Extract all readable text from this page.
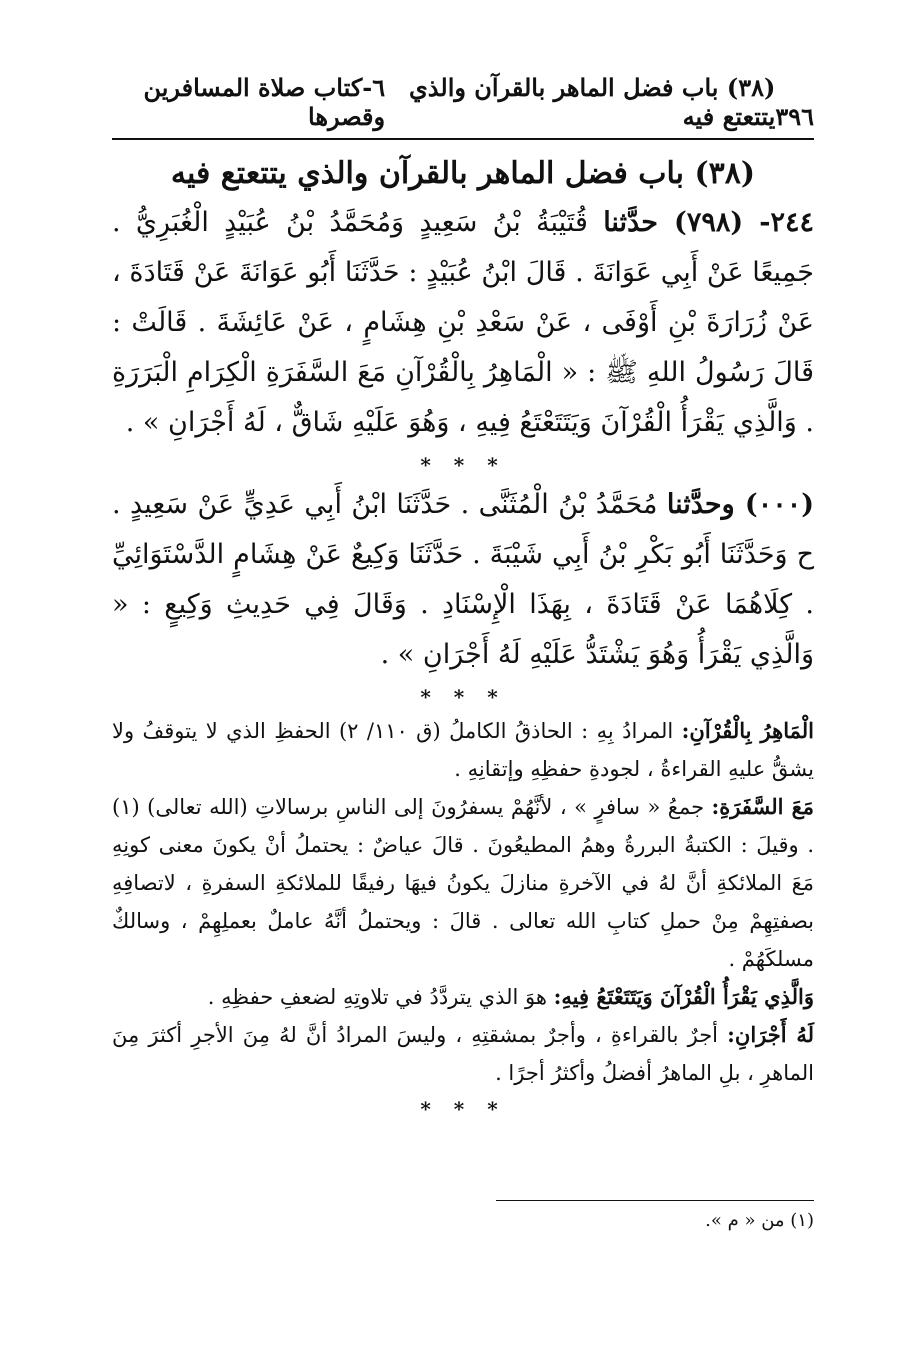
٣٩٦
(٣٨) باب فضل الماهر بالقرآن والذي يتتعتع فيه
٦-كتاب صلاة المسافرين وقصرها
(٣٨) باب فضل الماهر بالقرآن والذي يتتعتع فيه

٢٤٤- (٧٩٨) حدَّثنا قُتَيْبَةُ بْنُ سَعِيدٍ وَمُحَمَّدُ بْنُ عُبَيْدٍ الْغُبَرِيُّ . جَمِيعًا عَنْ أَبِي عَوَانَةَ . قَالَ ابْنُ عُبَيْدٍ : حَدَّثَنَا أَبُو عَوَانَةَ عَنْ قَتَادَةَ ، عَنْ زُرَارَةَ بْنِ أَوْفَى ، عَنْ سَعْدِ بْنِ هِشَامٍ ، عَنْ عَائِشَةَ . قَالَتْ : قَالَ رَسُولُ اللهِ ﷺ : « الْمَاهِرُ بِالْقُرْآنِ مَعَ السَّفَرَةِ الْكِرَامِ الْبَرَرَةِ . وَالَّذِي يَقْرَأُ الْقُرْآنَ وَيَتَتَعْتَعُ فِيهِ ، وَهُوَ عَلَيْهِ شَاقٌّ ، لَهُ أَجْرَانِ » .

* * *

(٠٠٠) وحدَّثنا مُحَمَّدُ بْنُ الْمُثَنَّى . حَدَّثَنَا ابْنُ أَبِي عَدِيٍّ عَنْ سَعِيدٍ . ح وَحَدَّثَنَا أَبُو بَكْرِ بْنُ أَبِي شَيْبَةَ . حَدَّثَنَا وَكِيعٌ عَنْ هِشَامٍ الدَّسْتَوَائِيِّ . كِلَاهُمَا عَنْ قَتَادَةَ ، بِهَذَا الْإِسْنَادِ . وَقَالَ فِي حَدِيثِ وَكِيعٍ : « وَالَّذِي يَقْرَأُ وَهُوَ يَشْتَدُّ عَلَيْهِ لَهُ أَجْرَانِ » .

* * *

الْمَاهِرُ بِالْقُرْآنِ: المرادُ بِهِ : الحاذقُ الكاملُ (ق ١١٠/ ٢) الحفظِ الذي لا يتوقفُ ولا يشقُّ عليهِ القراءةُ ، لجودةِ حفظِهِ وإتقانِهِ .

مَعَ السَّفَرَةِ: جمعُ « سافرٍ » ، لأنَّهُمْ يسفرُونَ إلى الناسِ برسالاتِ (الله تعالى) (١) . وقيلَ : الكتبةُ البررةُ وهمُ المطيعُونَ . قالَ عياضٌ : يحتملُ أنْ يكونَ معنى كونِهِ مَعَ الملائكةِ أنَّ لهُ في الآخرةِ منازلَ يكونُ فيهَا رفيقًا للملائكةِ السفرةِ ، لاتصافِهِ بصفتِهِمْ مِنْ حملِ كتابِ الله تعالى . قالَ : ويحتملُ أنَّهُ عاملٌ بعملِهِمْ ، وسالكٌ مسلكَهُمْ .

وَالَّذِي يَقْرَأُ الْقُرْآنَ وَيَتَتَعْتَعُ فِيهِ: هوَ الذي يتردَّدُ في تلاوتِهِ لضعفِ حفظِهِ .

لَهُ أَجْرَانِ: أجرٌ بالقراءةِ ، وأجرٌ بمشقتِهِ ، وليسَ المرادُ أنَّ لهُ مِنَ الأجرِ أكثرَ مِنَ الماهرِ ، بلِ الماهرُ أفضلُ وأكثرُ أجرًا .

* * *
(١) من « م ».
